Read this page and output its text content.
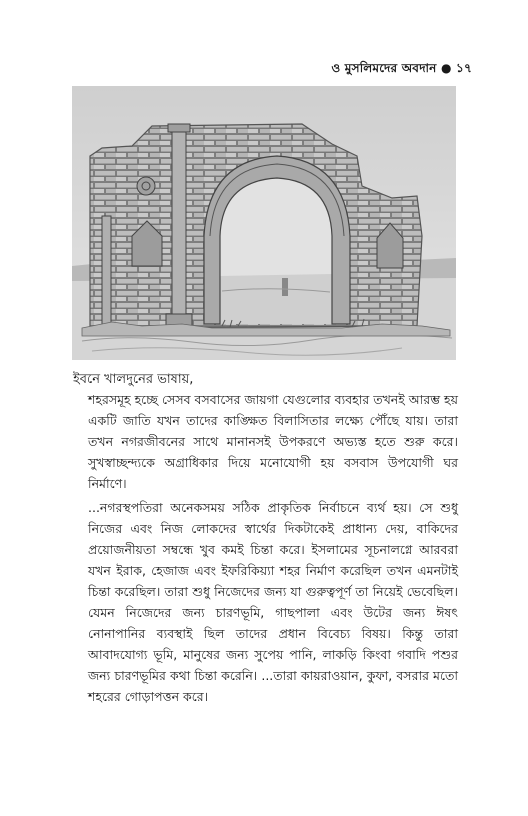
ও মুসলিমদের অবদান ● ১৭
ইবনে খালদুনের ভাষায়,

শহরসমূহ হচ্ছে সেসব বসবাসের জায়গা যেগুলোর ব্যবহার তখনই আরম্ভ হয় একটি জাতি যখন তাদের কাঙ্ক্ষিত বিলাসিতার লক্ষ্যে পৌঁছে যায়। তারা তখন নগরজীবনের সাথে মানানসই উপকরণে অভ্যস্ত হতে শুরু করে। সুখস্বাচ্ছন্দ্যকে অগ্রাধিকার দিয়ে মনোযোগী হয় বসবাস উপযোগী ঘর নির্মাণে।

...নগরস্থপতিরা অনেকসময় সঠিক প্রাকৃতিক নির্বাচনে ব্যর্থ হয়। সে শুধু নিজের এবং নিজ লোকদের স্বার্থের দিকটাকেই প্রাধান্য দেয়, বাকিদের প্রয়োজনীয়তা সম্বন্ধে খুব কমই চিন্তা করে। ইসলামের সূচনালগ্নে আরবরা যখন ইরাক, হেজাজ এবং ইফরিকিয়্যা শহর নির্মাণ করেছিল তখন এমনটাই চিন্তা করেছিল। তারা শুধু নিজেদের জন্য যা গুরুত্বপূর্ণ তা নিয়েই ভেবেছিল। যেমন নিজেদের জন্য চারণভূমি, গাছপালা এবং উটের জন্য ঈষৎ নোনাপানির ব্যবস্থাই ছিল তাদের প্রধান বিবেচ্য বিষয়। কিন্তু তারা আবাদযোগ্য ভূমি, মানুষের জন্য সুপেয় পানি, লাকড়ি কিংবা গবাদি পশুর জন্য চারণভূমির কথা চিন্তা করেনি। ...তারা কায়রাওয়ান, কুফা, বসরার মতো শহরের গোড়াপত্তন করে।
